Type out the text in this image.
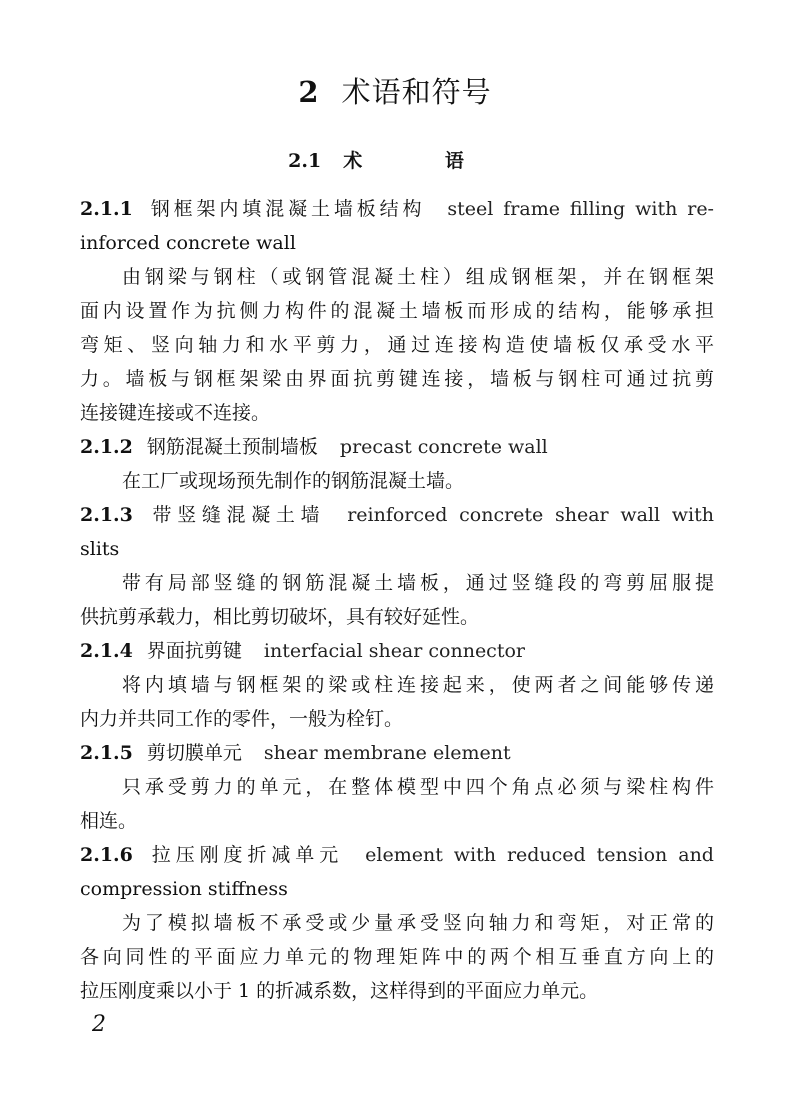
2 术语和符号
2.1 术 语
2.1.1 钢框架内填混凝土墙板结构 steel frame filling with re-
inforced concrete wall
由钢梁与钢柱（或钢管混凝土柱）组成钢框架，并在钢框架
面内设置作为抗侧力构件的混凝土墙板而形成的结构，能够承担
弯矩、竖向轴力和水平剪力，通过连接构造使墙板仅承受水平
力。墙板与钢框架梁由界面抗剪键连接，墙板与钢柱可通过抗剪
连接键连接或不连接。
2.1.2 钢筋混凝土预制墙板 precast concrete wall
在工厂或现场预先制作的钢筋混凝土墙。
2.1.3 带竖缝混凝土墙 reinforced concrete shear wall with
slits
带有局部竖缝的钢筋混凝土墙板，通过竖缝段的弯剪屈服提
供抗剪承载力，相比剪切破坏，具有较好延性。
2.1.4 界面抗剪键 interfacial shear connector
将内填墙与钢框架的梁或柱连接起来，使两者之间能够传递
内力并共同工作的零件，一般为栓钉。
2.1.5 剪切膜单元 shear membrane element
只承受剪力的单元，在整体模型中四个角点必须与梁柱构件
相连。
2.1.6 拉压刚度折减单元 element with reduced tension and
compression stiffness
为了模拟墙板不承受或少量承受竖向轴力和弯矩，对正常的
各向同性的平面应力单元的物理矩阵中的两个相互垂直方向上的
拉压刚度乘以小于 1 的折减系数，这样得到的平面应力单元。
2
